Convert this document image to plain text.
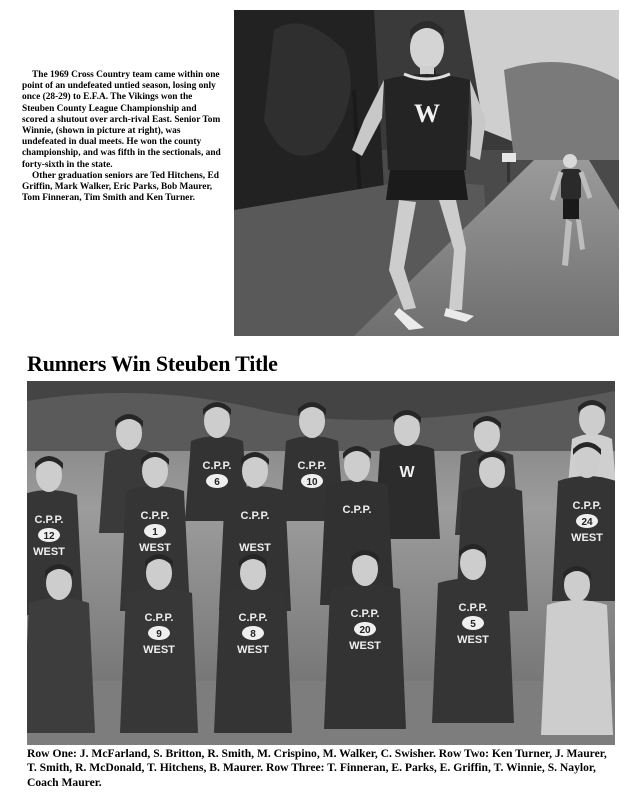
The 1969 Cross Country team came within one point of an undefeated untied season, losing only once (28-29) to E.F.A. The Vikings won the Steuben County League Championship and scored a shutout over arch-rival East. Senior Tom Winnie, (shown in picture at right), was undefeated in dual meets. He won the county championship, and was fifth in the sectionals, and forty-sixth in the state.

Other graduation seniors are Ted Hitchens, Ed Griffin, Mark Walker, Eric Parks, Bob Maurer, Tom Finneran, Tim Smith and Ken Turner.

W
Runners Win Steuben Title
C.P.P.
6
C.P.P.
10
W
C.P.P.
12
WEST
C.P.P.
1
WEST
C.P.P.
WEST
C.P.P.	C.P.P.
24
WEST
C.P.P.
9
WEST
C.P.P.
8
WEST
C.P.P.
20
WEST
C.P.P.
5
WEST

Row One: J. McFarland, S. Britton, R. Smith, M. Crispino, M. Walker, C. Swisher. Row Two: Ken Turner, J. Maurer, T. Smith, R. McDonald, T. Hitchens, B. Maurer. Row Three: T. Finneran, E. Parks, E. Griffin, T. Winnie, S. Naylor, Coach Maurer.
